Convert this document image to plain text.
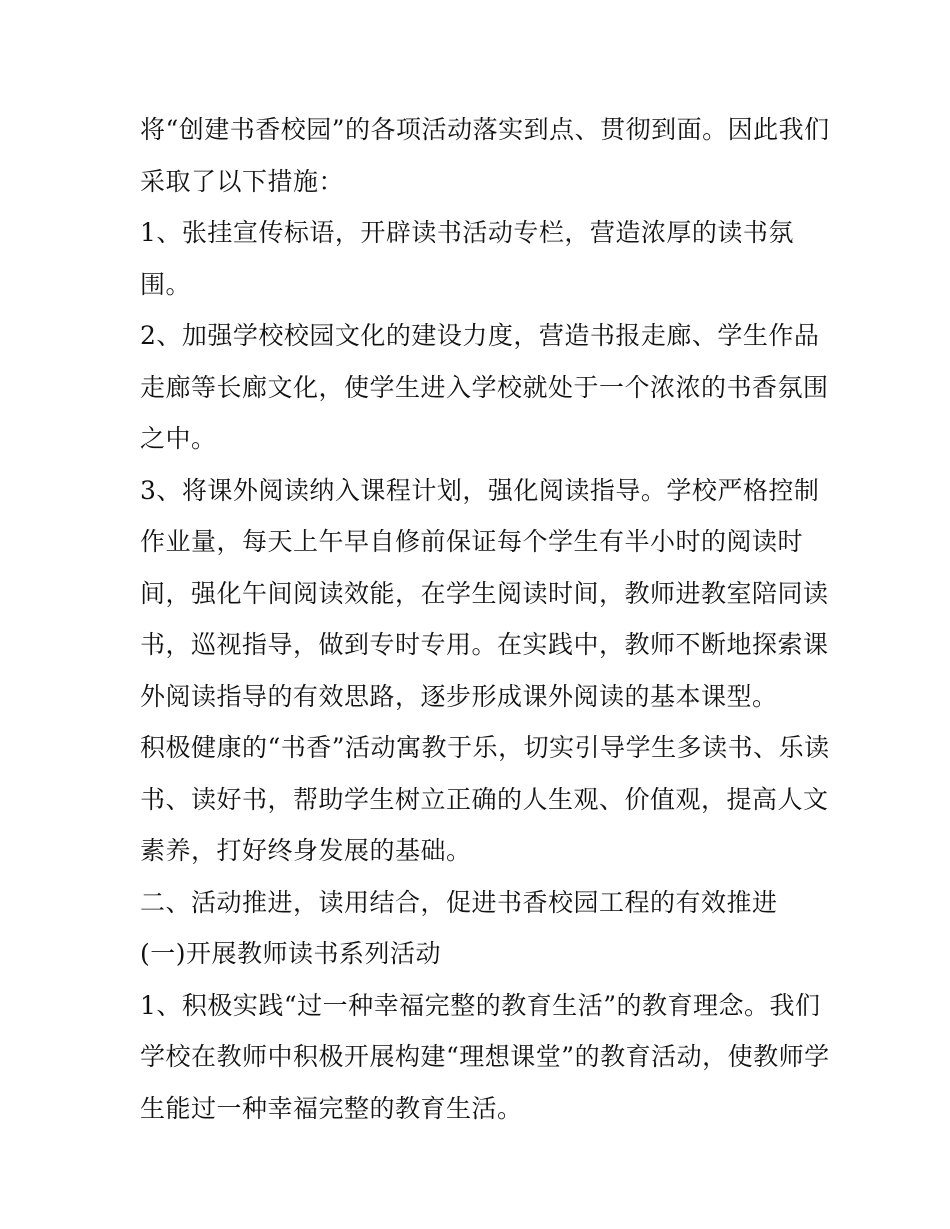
将“创建书香校园”的各项活动落实到点、贯彻到面。因此我们
采取了以下措施：
1、张挂宣传标语，开辟读书活动专栏，营造浓厚的读书氛
围。
2、加强学校校园文化的建设力度，营造书报走廊、学生作品
走廊等长廊文化，使学生进入学校就处于一个浓浓的书香氛围
之中。
3、将课外阅读纳入课程计划，强化阅读指导。学校严格控制
作业量，每天上午早自修前保证每个学生有半小时的阅读时
间，强化午间阅读效能，在学生阅读时间，教师进教室陪同读
书，巡视指导，做到专时专用。在实践中，教师不断地探索课
外阅读指导的有效思路，逐步形成课外阅读的基本课型。
积极健康的“书香”活动寓教于乐，切实引导学生多读书、乐读
书、读好书，帮助学生树立正确的人生观、价值观，提高人文
素养，打好终身发展的基础。
二、活动推进，读用结合，促进书香校园工程的有效推进
(一)开展教师读书系列活动
1、积极实践“过一种幸福完整的教育生活”的教育理念。我们
学校在教师中积极开展构建“理想课堂”的教育活动，使教师学
生能过一种幸福完整的教育生活。
